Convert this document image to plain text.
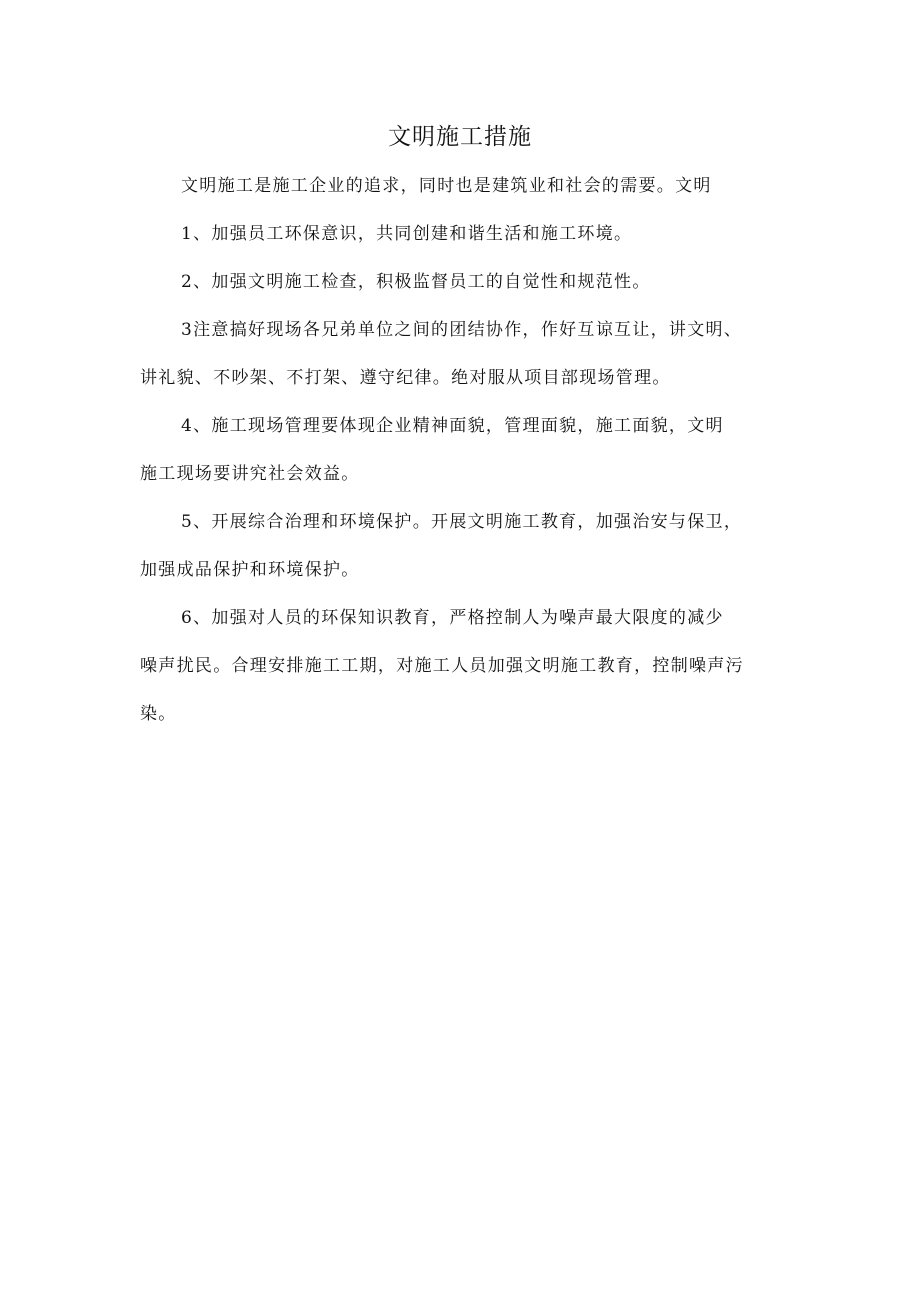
文明施工措施

文明施工是施工企业的追求，同时也是建筑业和社会的需要。文明

1、加强员工环保意识，共同创建和谐生活和施工环境。

2、加强文明施工检查，积极监督员工的自觉性和规范性。

3注意搞好现场各兄弟单位之间的团结协作，作好互谅互让，讲文明、
讲礼貌、不吵架、不打架、遵守纪律。绝对服从项目部现场管理。

4、施工现场管理要体现企业精神面貌，管理面貌，施工面貌，文明
施工现场要讲究社会效益。

5、开展综合治理和环境保护。开展文明施工教育，加强治安与保卫，
加强成品保护和环境保护。

6、加强对人员的环保知识教育，严格控制人为噪声最大限度的减少
噪声扰民。合理安排施工工期，对施工人员加强文明施工教育，控制噪声污
染。
